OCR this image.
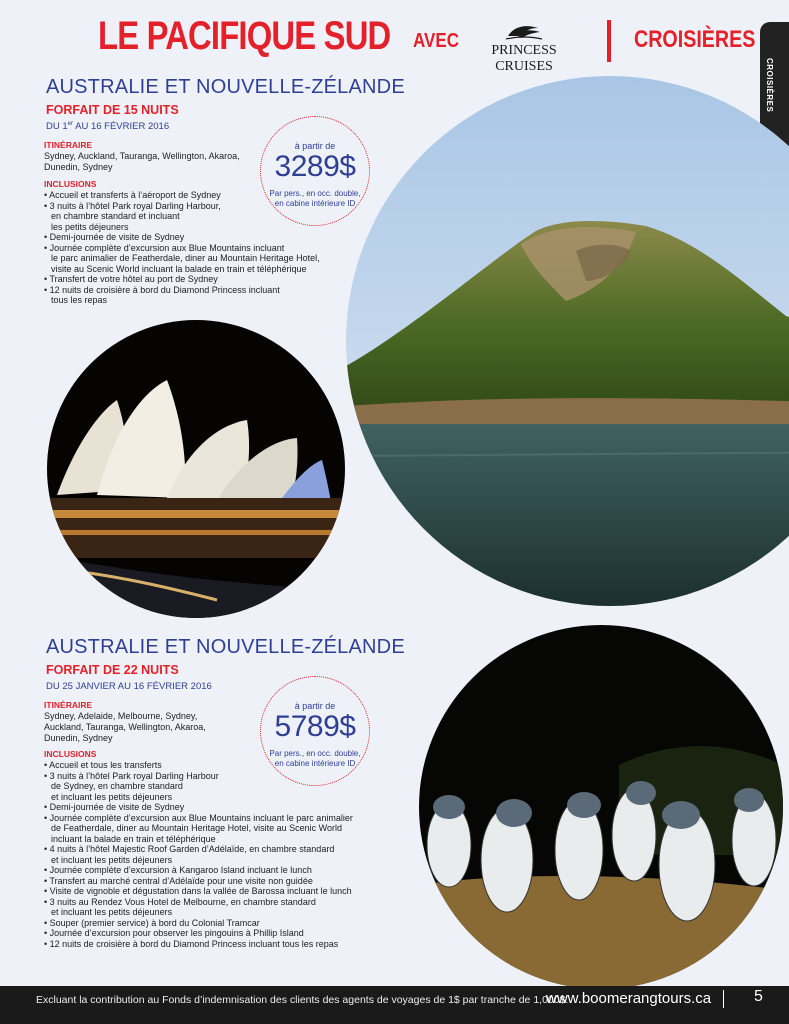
LE PACIFIQUE SUD AVEC	PRINCESS CRUISES
CROISIÈRES
CROISIÈRES
AUSTRALIE ET NOUVELLE-ZÉLANDE
FORFAIT DE 15 NUITS
DU 1er AU 16 FÉVRIER 2016
ITINÉRAIRE
Sydney, Auckland, Tauranga, Wellington, Akaroa, Dunedin, Sydney
INCLUSIONS
• Accueil et transferts à l’aéroport de Sydney
• 3 nuits à l’hôtel Park royal Darling Harbour,
en chambre standard et incluant
les petits déjeuners
• Demi-journée de visite de Sydney
• Journée complète d’excursion aux Blue Mountains incluant
le parc animalier de Featherdale, diner au Mountain Heritage Hotel,
visite au Scenic World incluant la balade en train et téléphérique
• Transfert de votre hôtel au port de Sydney
• 12 nuits de croisière à bord du Diamond Princess incluant
tous les repas
à partir de
3289$
Par pers., en occ. double,
en cabine intérieure ID
AUSTRALIE ET NOUVELLE-ZÉLANDE
FORFAIT DE 22 NUITS
DU 25 JANVIER AU 16 FÉVRIER 2016
ITINÉRAIRE
Sydney, Adelaide, Melbourne, Sydney, Auckland, Tauranga, Wellington, Akaroa, Dunedin, Sydney
INCLUSIONS
• Accueil et tous les transferts
• 3 nuits à l’hôtel Park royal Darling Harbour
de Sydney, en chambre standard
et incluant les petits déjeuners
• Demi-journée de visite de Sydney
• Journée complète d’excursion aux Blue Mountains incluant le parc animalier
de Featherdale, diner au Mountain Heritage Hotel, visite au Scenic World
incluant la balade en train et téléphérique
• 4 nuits à l’hôtel Majestic Roof Garden d’Adélaïde, en chambre standard
et incluant les petits déjeuners
• Journée complète d’excursion à Kangaroo Island incluant le lunch
• Transfert au marché central d’Adélaïde pour une visite non guidée
• Visite de vignoble et dégustation dans la vallée de Barossa incluant le lunch
• 3 nuits au Rendez Vous Hotel de Melbourne, en chambre standard
et incluant les petits déjeuners
• Souper (premier service) à bord du Colonial Tramcar
• Journée d’excursion pour observer les pingouins à Phillip Island
• 12 nuits de croisière à bord du Diamond Princess incluant tous les repas
à partir de
5789$
Par pers., en occ. double,
en cabine intérieure ID
Excluant la contribution au Fonds d’indemnisation des clients des agents de voyages de 1$ par tranche de 1,000$.
www.boomerangtours.ca	5
